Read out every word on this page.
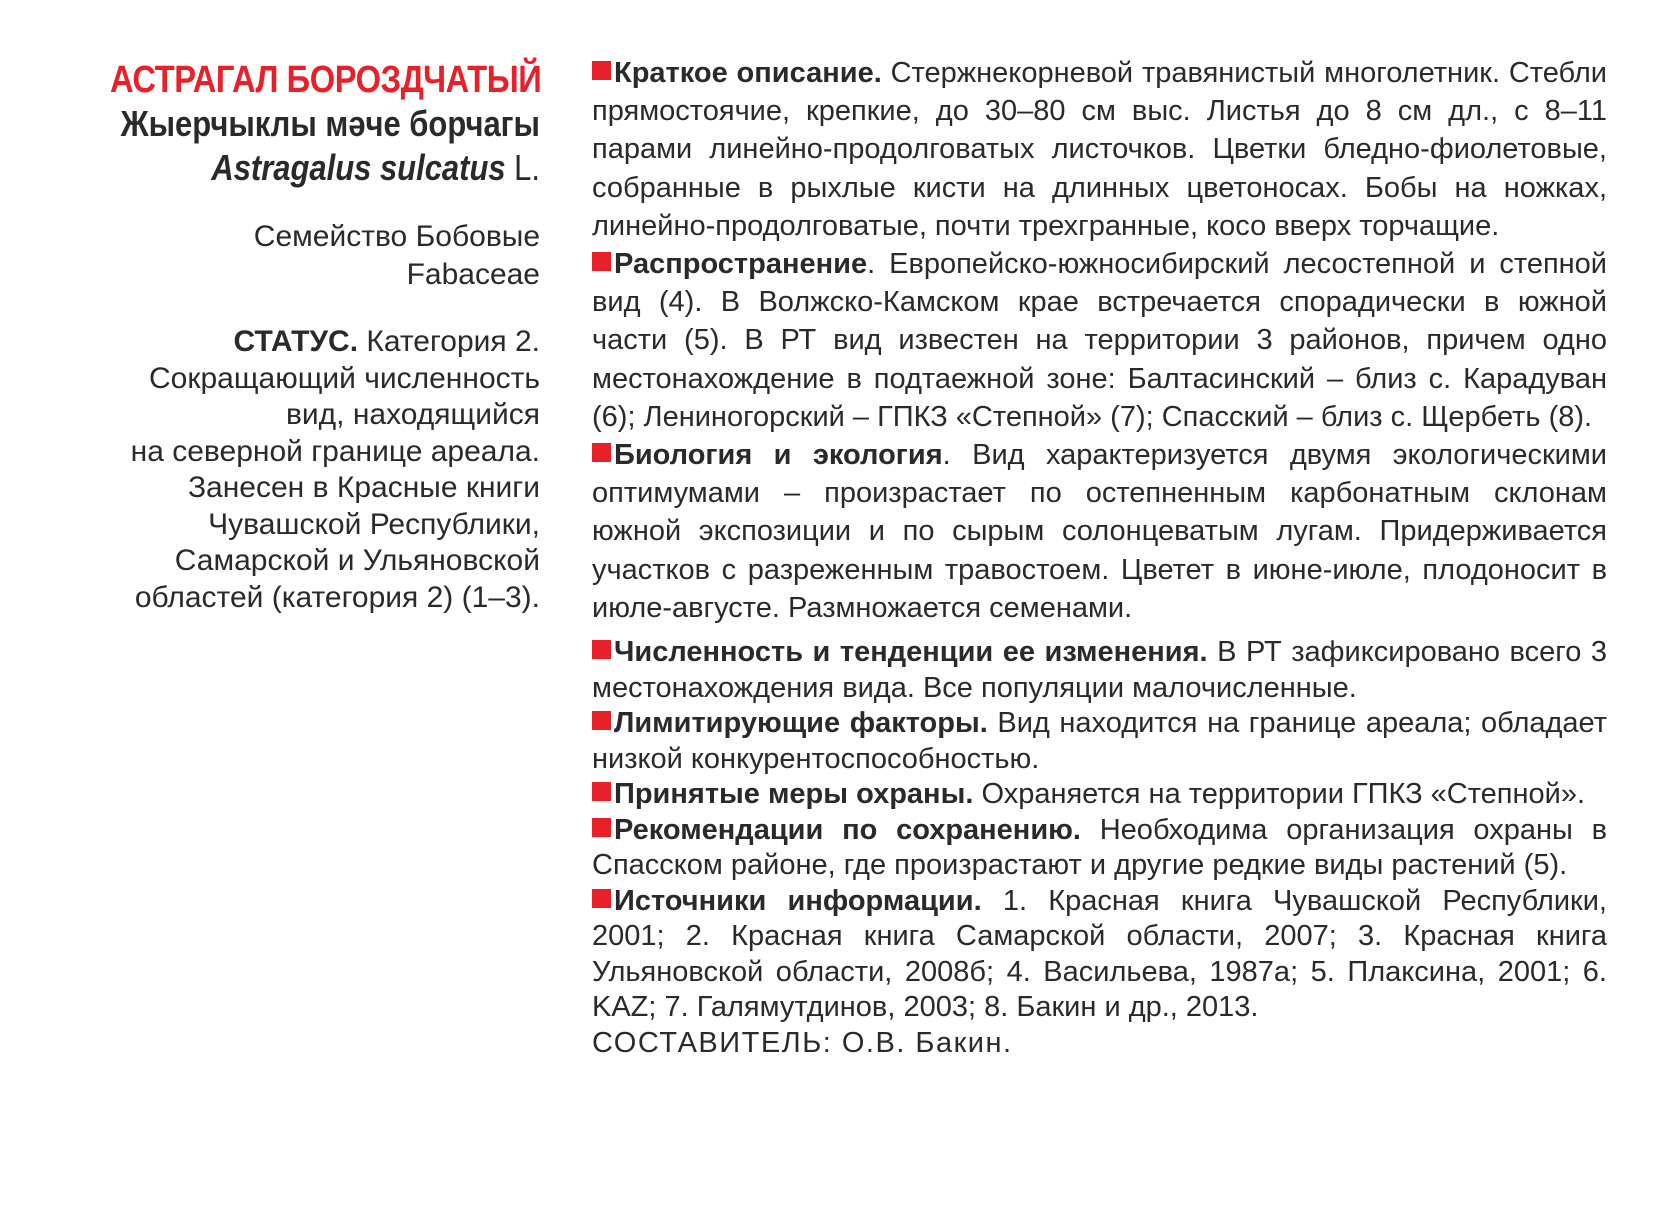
АСТРАГАЛ БОРОЗДЧАТЫЙ
Жыерчыклы мәче борчагы
Astragalus sulcatus L.
Семейство Бобовые
Fabaceae
СТАТУС. Категория 2.
Сокращающий численность
вид, находящийся
на северной границе ареала.
Занесен в Красные книги
Чувашской Республики,
Самарской и Ульяновской
областей (категория 2) (1–3).

Краткое описание. Стержнекорневой травянистый многолетник. Стебли прямостоячие, крепкие, до 30–80 см выс. Листья до 8 см дл., с 8–11 парами линейно-продолговатых листочков. Цветки бледно-фиолетовые, собранные в рыхлые кисти на длинных цветоносах. Бобы на ножках, линейно-продолговатые, почти трехгранные, косо вверх торчащие.

Распространение. Европейско-южносибирский лесостепной и степной вид (4). В Волжско-Камском крае встречается спорадически в южной части (5). В РТ вид известен на территории 3 районов, причем одно местонахождение в подтаежной зоне: Балтасинский – близ с. Карадуван (6); Лениногорский – ГПКЗ «Степной» (7); Спасский – близ с. Щербеть (8).

Биология и экология. Вид характеризуется двумя экологическими оптимумами – произрастает по остепненным карбонатным склонам южной экспозиции и по сырым солонцеватым лугам. Придерживается участков с разреженным травостоем. Цветет в июне-июле, плодоносит в июле-августе. Размножается семенами.

Численность и тенденции ее изменения. В РТ зафиксировано всего 3 местонахождения вида. Все популяции малочисленные.

Лимитирующие факторы. Вид находится на границе ареала; обладает низкой конкурентоспособностью.

Принятые меры охраны. Охраняется на территории ГПКЗ «Степной».

Рекомендации по сохранению. Необходима организация охраны в Спасском районе, где произрастают и другие редкие виды растений (5).

Источники информации. 1. Красная книга Чувашской Республики, 2001; 2. Красная книга Самарской области, 2007; 3. Красная книга Ульяновской области, 2008б; 4. Васильева, 1987а; 5. Плаксина, 2001; 6. KAZ; 7. Галямутдинов, 2003; 8. Бакин и др., 2013.

СОСТАВИТЕЛЬ: О.В. Бакин.
